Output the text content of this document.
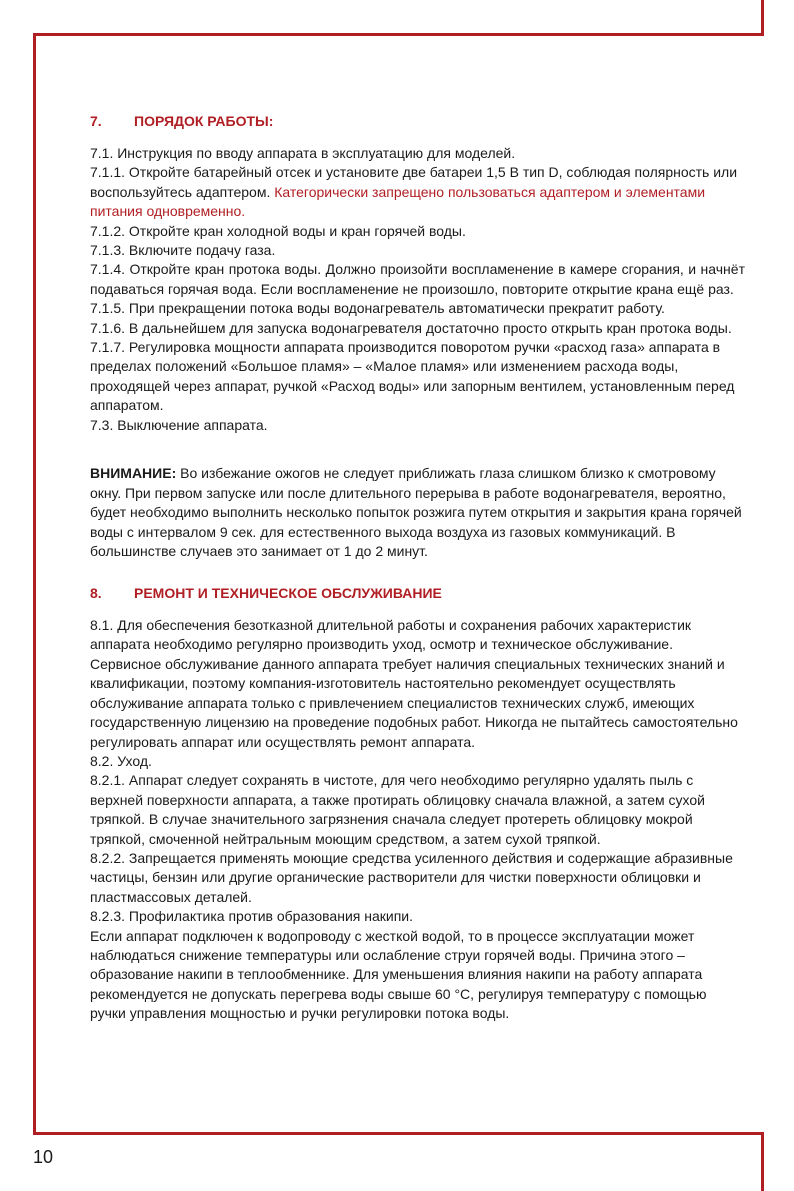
7. ПОРЯДОК РАБОТЫ:

7.1. Инструкция по вводу аппарата в эксплуатацию для моделей.

7.1.1. Откройте батарейный отсек и установите две батареи 1,5 В тип D, соблюдая полярность или воспользуйтесь адаптером. Категорически запрещено пользоваться адаптером и элементами питания одновременно.

7.1.2. Откройте кран холодной воды и кран горячей воды.

7.1.3. Включите подачу газа.

7.1.4. Откройте кран протока воды. Должно произойти воспламенение в камере сгорания, и начнёт подаваться горячая вода. Если воспламенение не произошло, повторите открытие крана ещё раз.

7.1.5. При прекращении потока воды водонагреватель автоматически прекратит работу.

7.1.6. В дальнейшем для запуска водонагревателя достаточно просто открыть кран протока воды.

7.1.7. Регулировка мощности аппарата производится поворотом ручки «расход газа» аппарата в пределах положений «Большое пламя» – «Малое пламя» или изменением расхода воды, проходящей через аппарат, ручкой «Расход воды» или запорным вентилем, установленным перед аппаратом.

7.3. Выключение аппарата.

ВНИМАНИЕ: Во избежание ожогов не следует приближать глаза слишком близко к смотровому окну. При первом запуске или после длительного перерыва в работе водонагревателя, вероятно, будет необходимо выполнить несколько попыток розжига путем открытия и закрытия крана горячей воды с интервалом 9 сек. для естественного выхода воздуха из газовых коммуникаций. В большинстве случаев это занимает от 1 до 2 минут.

8. РЕМОНТ И ТЕХНИЧЕСКОЕ ОБСЛУЖИВАНИЕ

8.1. Для обеспечения безотказной длительной работы и сохранения рабочих характеристик аппарата необходимо регулярно производить уход, осмотр и техническое обслуживание. Сервисное обслуживание данного аппарата требует наличия специальных технических знаний и квалификации, поэтому компания-изготовитель настоятельно рекомендует осуществлять обслуживание аппарата только с привлечением специалистов технических служб, имеющих государственную лицензию на проведение подобных работ. Никогда не пытайтесь самостоятельно регулировать аппарат или осуществлять ремонт аппарата.

8.2. Уход.

8.2.1. Аппарат следует сохранять в чистоте, для чего необходимо регулярно удалять пыль с верхней поверхности аппарата, а также протирать облицовку сначала влажной, а затем сухой тряпкой. В случае значительного загрязнения сначала следует протереть облицовку мокрой тряпкой, смоченной нейтральным моющим средством, а затем сухой тряпкой.

8.2.2. Запрещается применять моющие средства усиленного действия и содержащие абразивные частицы, бензин или другие органические растворители для чистки поверхности облицовки и пластмассовых деталей.

8.2.3. Профилактика против образования накипи.

Если аппарат подключен к водопроводу с жесткой водой, то в процессе эксплуатации может наблюдаться снижение температуры или ослабление струи горячей воды. Причина этого – образование накипи в теплообменнике. Для уменьшения влияния накипи на работу аппарата рекомендуется не допускать перегрева воды свыше 60 °C, регулируя температуру с помощью ручки управления мощностью и ручки регулировки потока воды.

10
